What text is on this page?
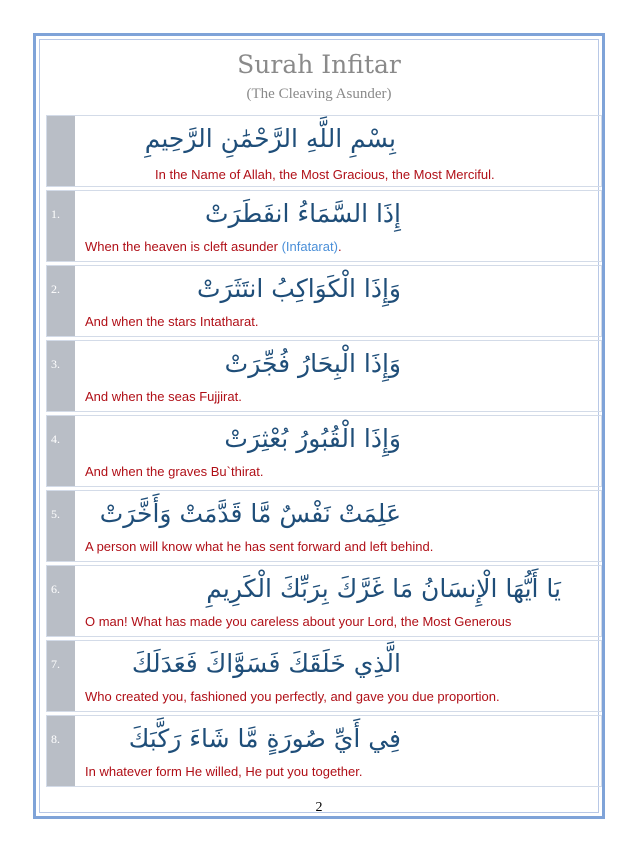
Surah Infitar
(The Cleaving Asunder)
بِسْمِ اللَّهِ الرَّحْمَٰنِ الرَّحِيمِ
In the Name of Allah, the Most Gracious, the Most Merciful.
1.	إِذَا السَّمَاءُ انفَطَرَتْ
When the heaven is cleft asunder (Infatarat).
2.	وَإِذَا الْكَوَاكِبُ انتَثَرَتْ
And when the stars Intatharat.
3.	وَإِذَا الْبِحَارُ فُجِّرَتْ
And when the seas Fujjirat.
4.	وَإِذَا الْقُبُورُ بُعْثِرَتْ
And when the graves Bu`thirat.
5.	عَلِمَتْ نَفْسٌ مَّا قَدَّمَتْ وَأَخَّرَتْ
A person will know what he has sent forward and left behind.
6.	يَا أَيُّهَا الْإِنسَانُ مَا غَرَّكَ بِرَبِّكَ الْكَرِيمِ
O man! What has made you careless about your Lord, the Most Generous
7.	الَّذِي خَلَقَكَ فَسَوَّاكَ فَعَدَلَكَ
Who created you, fashioned you perfectly, and gave you due proportion.
8.	فِي أَيِّ صُورَةٍ مَّا شَاءَ رَكَّبَكَ
In whatever form He willed, He put you together.
2
